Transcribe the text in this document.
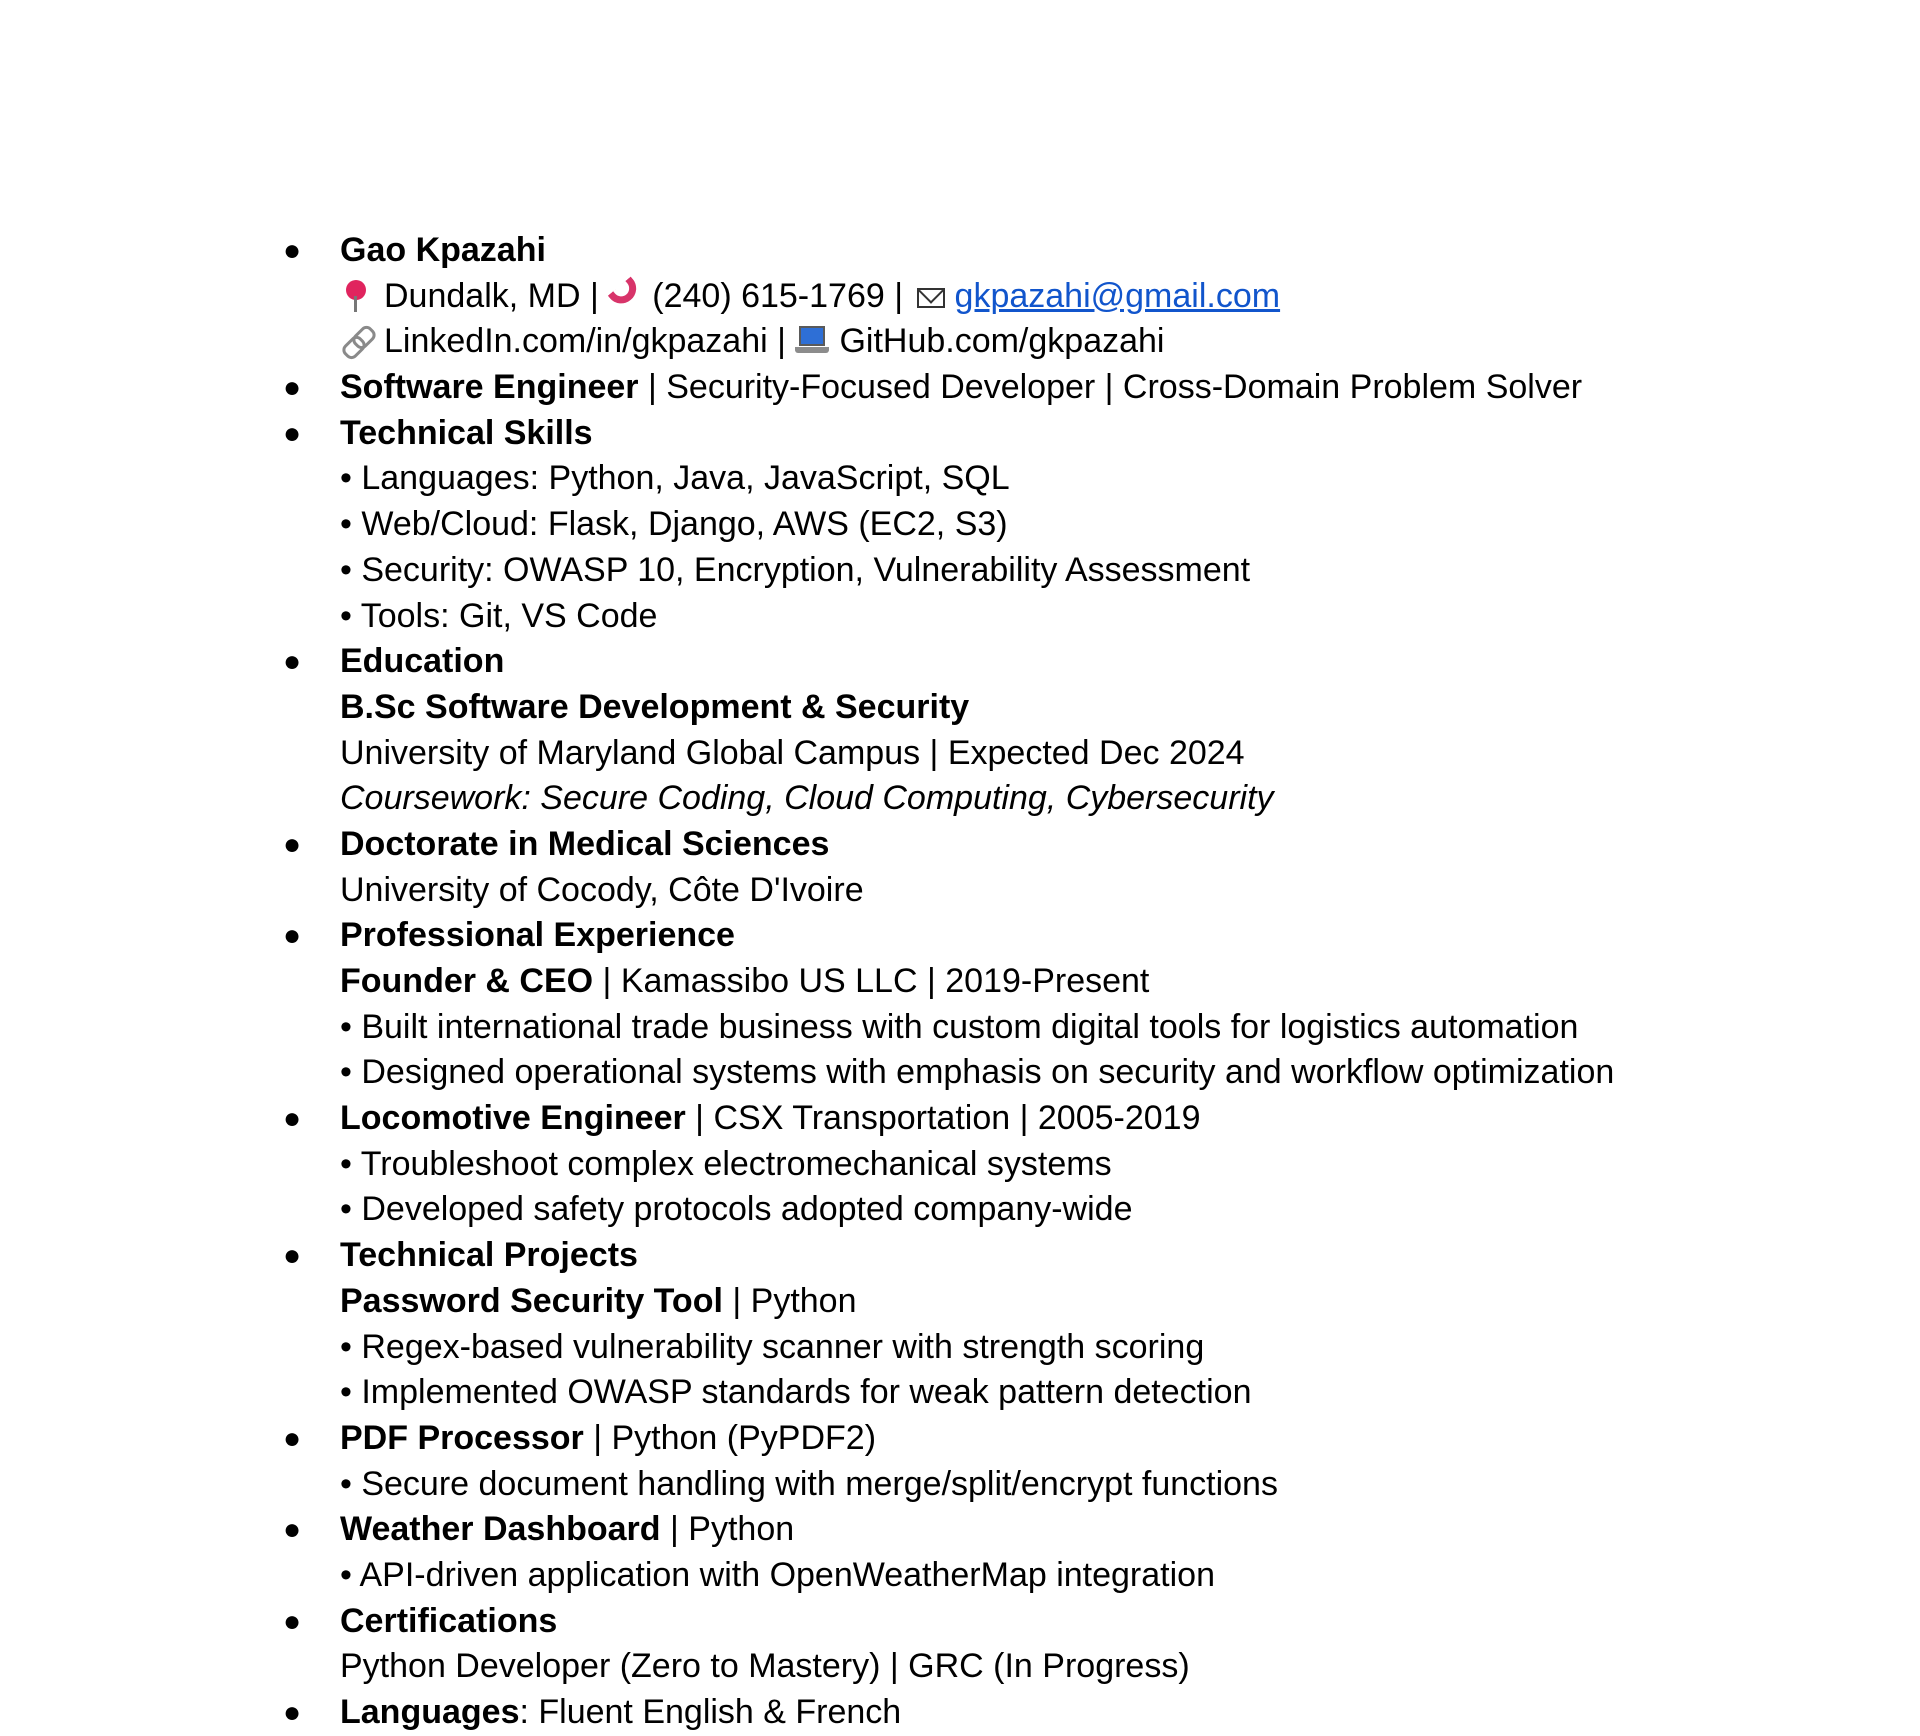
● Gao Kpazahi
Dundalk, MD | (240) 615-1769 | gkpazahi@gmail.com
LinkedIn.com/in/gkpazahi | GitHub.com/gkpazahi
● Software Engineer | Security-Focused Developer | Cross-Domain Problem Solver
● Technical Skills
• Languages: Python, Java, JavaScript, SQL
• Web/Cloud: Flask, Django, AWS (EC2, S3)
• Security: OWASP 10, Encryption, Vulnerability Assessment
• Tools: Git, VS Code
● Education
B.Sc Software Development & Security
University of Maryland Global Campus | Expected Dec 2024
Coursework: Secure Coding, Cloud Computing, Cybersecurity
● Doctorate in Medical Sciences
University of Cocody, Côte D'Ivoire
● Professional Experience
Founder & CEO | Kamassibo US LLC | 2019-Present
• Built international trade business with custom digital tools for logistics automation
• Designed operational systems with emphasis on security and workflow optimization
● Locomotive Engineer | CSX Transportation | 2005-2019
• Troubleshoot complex electromechanical systems
• Developed safety protocols adopted company-wide
● Technical Projects
Password Security Tool | Python
• Regex-based vulnerability scanner with strength scoring
• Implemented OWASP standards for weak pattern detection
● PDF Processor | Python (PyPDF2)
• Secure document handling with merge/split/encrypt functions
● Weather Dashboard | Python
• API-driven application with OpenWeatherMap integration
● Certifications
Python Developer (Zero to Mastery) | GRC (In Progress)
● Languages: Fluent English & French
